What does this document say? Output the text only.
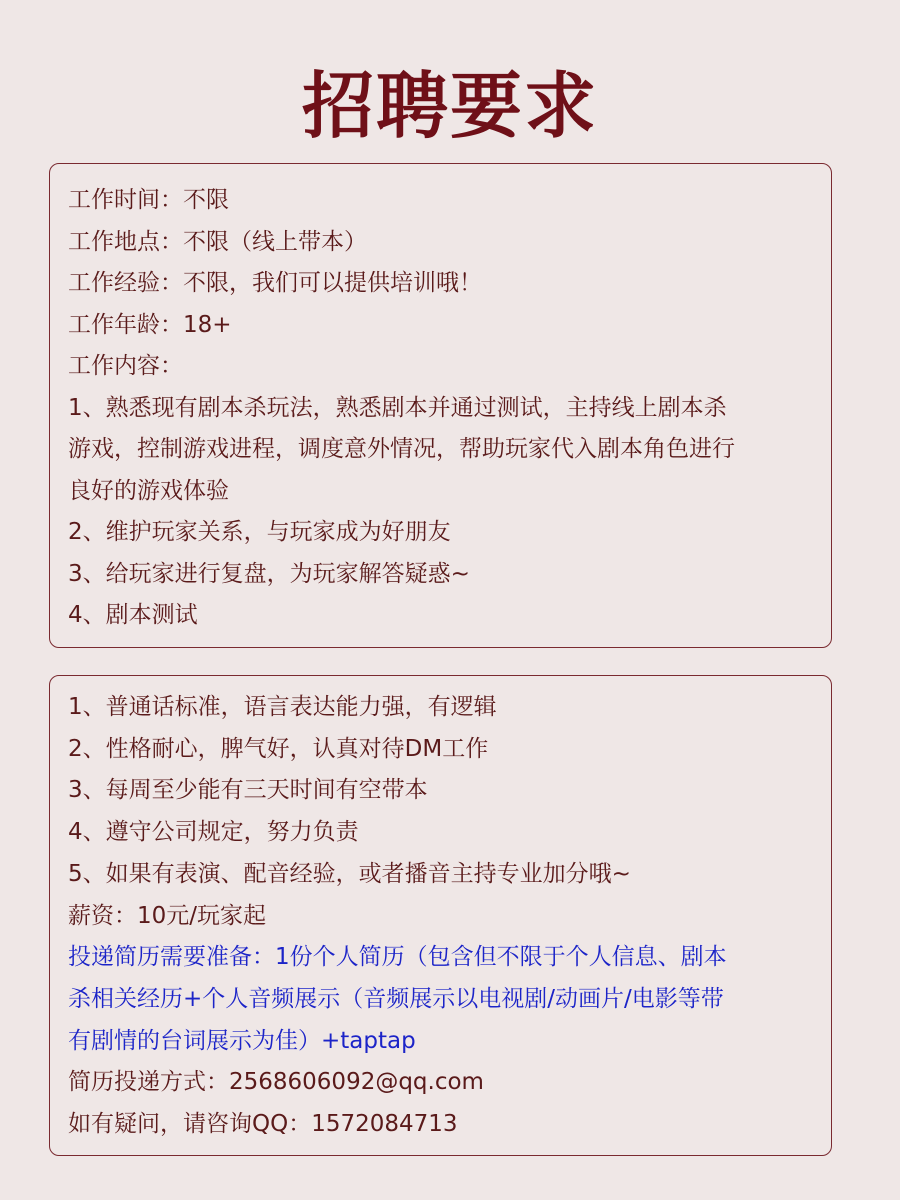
招聘要求
工作时间：不限
工作地点：不限（线上带本）
工作经验：不限，我们可以提供培训哦！
工作年龄：18+
工作内容：
1、熟悉现有剧本杀玩法，熟悉剧本并通过测试，主持线上剧本杀
游戏，控制游戏进程，调度意外情况，帮助玩家代入剧本角色进行
良好的游戏体验
2、维护玩家关系，与玩家成为好朋友
3、给玩家进行复盘，为玩家解答疑惑~
4、剧本测试
1、普通话标准，语言表达能力强，有逻辑
2、性格耐心，脾气好，认真对待DM工作
3、每周至少能有三天时间有空带本
4、遵守公司规定，努力负责
5、如果有表演、配音经验，或者播音主持专业加分哦~
薪资：10元/玩家起
投递简历需要准备：1份个人简历（包含但不限于个人信息、剧本
杀相关经历+个人音频展示（音频展示以电视剧/动画片/电影等带
有剧情的台词展示为佳）+taptap
简历投递方式：2568606092@qq.com
如有疑问，请咨询QQ：1572084713
